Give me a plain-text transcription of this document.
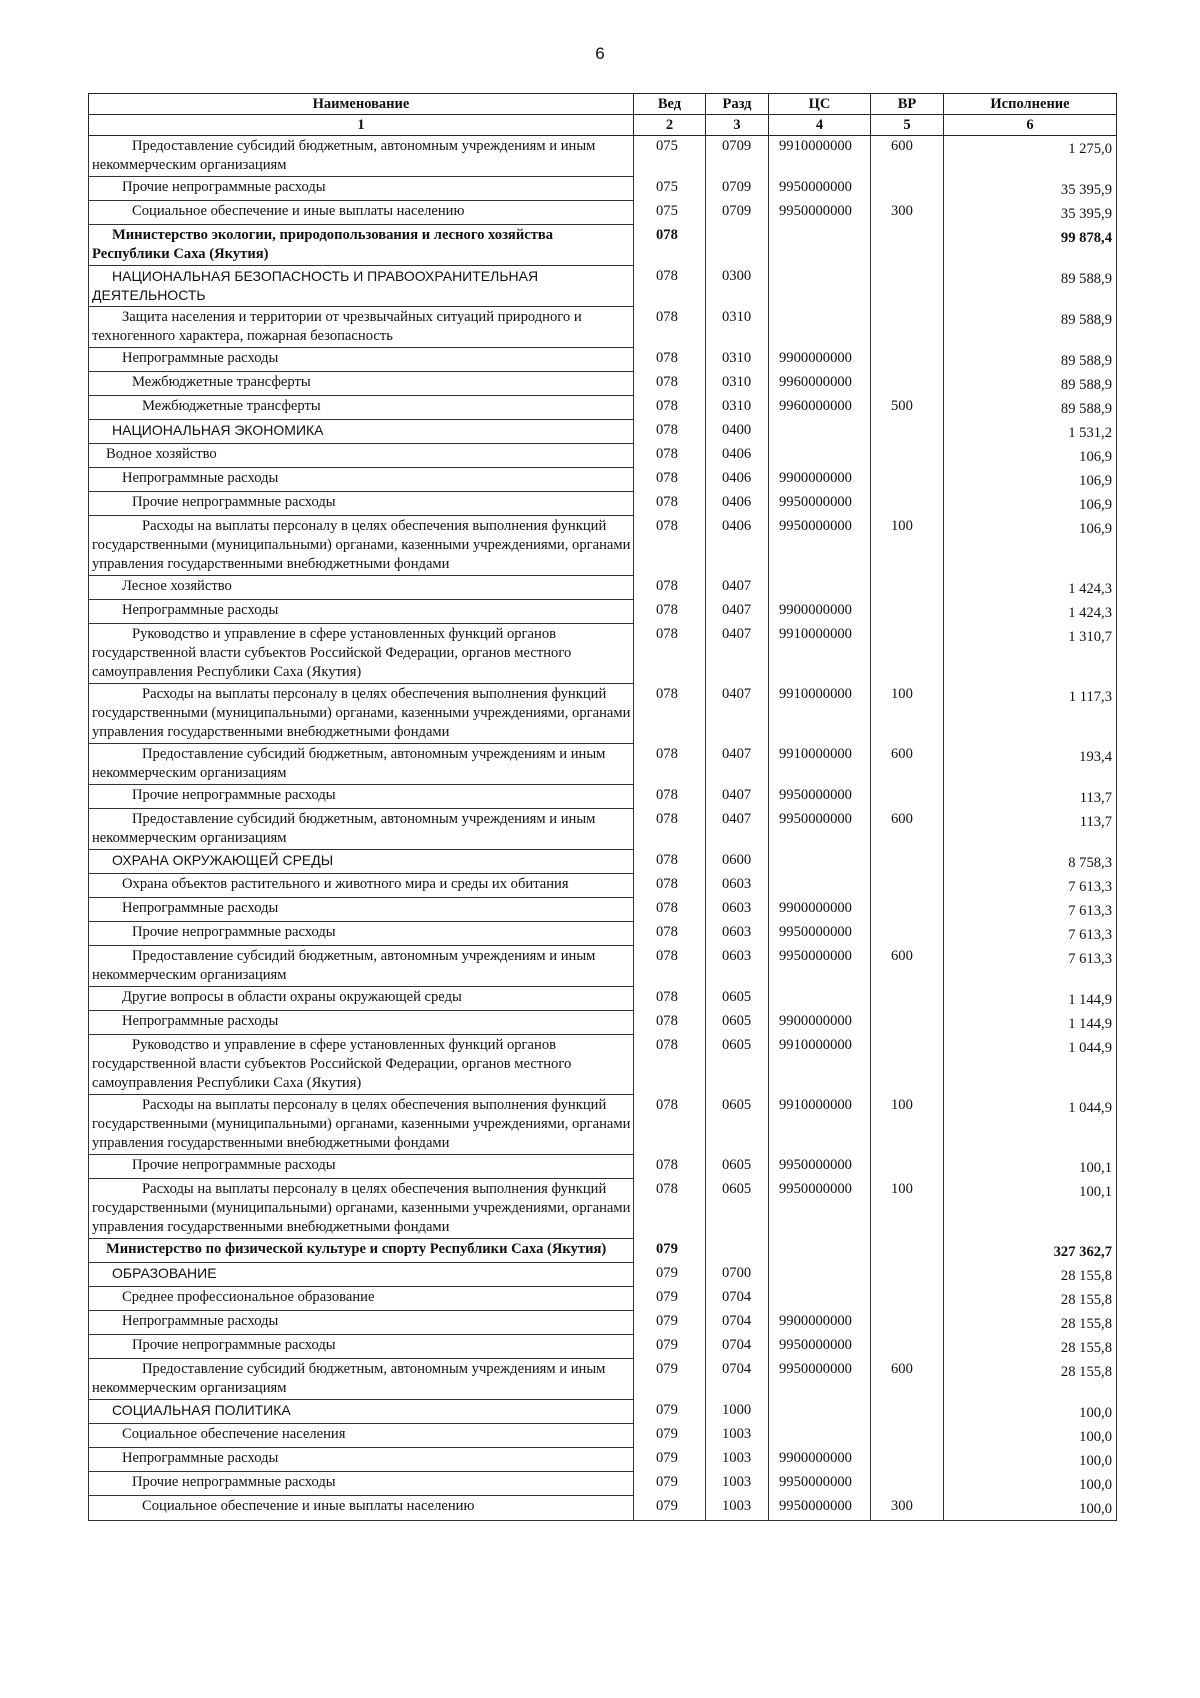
6
Наименование	Вед	Разд	ЦС	ВР	Исполнение
1	2	3	4	5	6
Предоставление субсидий бюджетным, автономным учреждениям и иным некоммерческим организациям	075	0709	9910000000	600	1 275,0
Прочие непрограммные расходы	075	0709	9950000000		35 395,9
Социальное обеспечение и иные выплаты населению	075	0709	9950000000	300	35 395,9
Министерство экологии, природопользования и лесного хозяйства Республики Саха (Якутия)	078				99 878,4
НАЦИОНАЛЬНАЯ БЕЗОПАСНОСТЬ И ПРАВООХРАНИТЕЛЬНАЯ ДЕЯТЕЛЬНОСТЬ	078	0300			89 588,9
Защита населения и территории от чрезвычайных ситуаций природного и техногенного характера, пожарная безопасность	078	0310			89 588,9
Непрограммные расходы	078	0310	9900000000		89 588,9
Межбюджетные трансферты	078	0310	9960000000		89 588,9
Межбюджетные трансферты	078	0310	9960000000	500	89 588,9
НАЦИОНАЛЬНАЯ ЭКОНОМИКА	078	0400			1 531,2
Водное хозяйство	078	0406			106,9
Непрограммные расходы	078	0406	9900000000		106,9
Прочие непрограммные расходы	078	0406	9950000000		106,9
Расходы на выплаты персоналу в целях обеспечения выполнения функций государственными (муниципальными) органами, казенными учреждениями, органами управления государственными внебюджетными фондами	078	0406	9950000000	100	106,9
Лесное хозяйство	078	0407			1 424,3
Непрограммные расходы	078	0407	9900000000		1 424,3
Руководство и управление в сфере установленных функций органов государственной власти субъектов Российской Федерации, органов местного самоуправления Республики Саха (Якутия)	078	0407	9910000000		1 310,7
Расходы на выплаты персоналу в целях обеспечения выполнения функций государственными (муниципальными) органами, казенными учреждениями, органами управления государственными внебюджетными фондами	078	0407	9910000000	100	1 117,3
Предоставление субсидий бюджетным, автономным учреждениям и иным некоммерческим организациям	078	0407	9910000000	600	193,4
Прочие непрограммные расходы	078	0407	9950000000		113,7
Предоставление субсидий бюджетным, автономным учреждениям и иным некоммерческим организациям	078	0407	9950000000	600	113,7
ОХРАНА ОКРУЖАЮЩЕЙ СРЕДЫ	078	0600			8 758,3
Охрана объектов растительного и животного мира и среды их обитания	078	0603			7 613,3
Непрограммные расходы	078	0603	9900000000		7 613,3
Прочие непрограммные расходы	078	0603	9950000000		7 613,3
Предоставление субсидий бюджетным, автономным учреждениям и иным некоммерческим организациям	078	0603	9950000000	600	7 613,3
Другие вопросы в области охраны окружающей среды	078	0605			1 144,9
Непрограммные расходы	078	0605	9900000000		1 144,9
Руководство и управление в сфере установленных функций органов государственной власти субъектов Российской Федерации, органов местного самоуправления Республики Саха (Якутия)	078	0605	9910000000		1 044,9
Расходы на выплаты персоналу в целях обеспечения выполнения функций государственными (муниципальными) органами, казенными учреждениями, органами управления государственными внебюджетными фондами	078	0605	9910000000	100	1 044,9
Прочие непрограммные расходы	078	0605	9950000000		100,1
Расходы на выплаты персоналу в целях обеспечения выполнения функций государственными (муниципальными) органами, казенными учреждениями, органами управления государственными внебюджетными фондами	078	0605	9950000000	100	100,1
Министерство по физической культуре и спорту Республики Саха (Якутия)	079				327 362,7
ОБРАЗОВАНИЕ	079	0700			28 155,8
Среднее профессиональное образование	079	0704			28 155,8
Непрограммные расходы	079	0704	9900000000		28 155,8
Прочие непрограммные расходы	079	0704	9950000000		28 155,8
Предоставление субсидий бюджетным, автономным учреждениям и иным некоммерческим организациям	079	0704	9950000000	600	28 155,8
СОЦИАЛЬНАЯ ПОЛИТИКА	079	1000			100,0
Социальное обеспечение населения	079	1003			100,0
Непрограммные расходы	079	1003	9900000000		100,0
Прочие непрограммные расходы	079	1003	9950000000		100,0
Социальное обеспечение и иные выплаты населению	079	1003	9950000000	300	100,0
